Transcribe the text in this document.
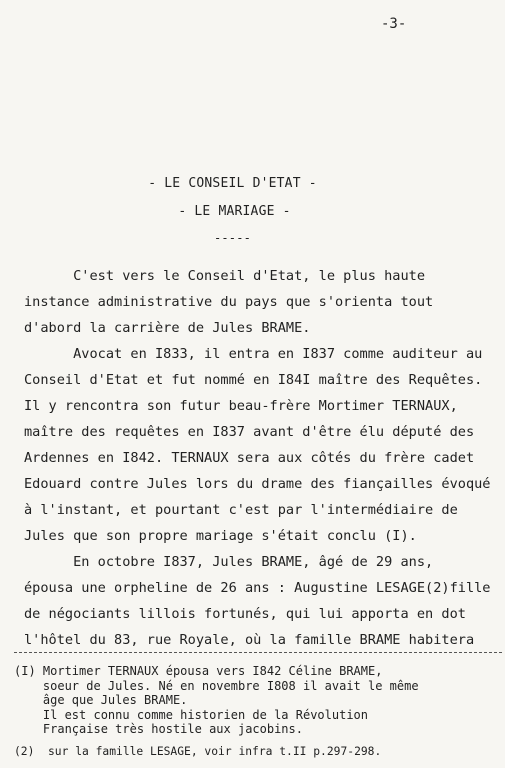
-3-
- LE CONSEIL D'ETAT -
- LE MARIAGE -
-----
C'est vers le Conseil d'Etat, le plus haute
instance administrative du pays que s'orienta tout
d'abord la carrière de Jules BRAME.
Avocat en I833, il entra en I837 comme auditeur au
Conseil d'Etat et fut nommé en I84I maître des Requêtes.
Il y rencontra son futur beau-frère Mortimer TERNAUX,
maître des requêtes en I837 avant d'être élu député des
Ardennes en I842. TERNAUX sera aux côtés du frère cadet
Edouard contre Jules lors du drame des fiançailles évoqué
à l'instant, et pourtant c'est par l'intermédiaire de
Jules que son propre mariage s'était conclu (I).
En octobre I837, Jules BRAME, âgé de 29 ans,
épousa une orpheline de 26 ans : Augustine LESAGE(2)fille
de négociants lillois fortunés, qui lui apporta en dot
l'hôtel du 83, rue Royale, où la famille BRAME habitera
(I) Mortimer TERNAUX épousa vers I842 Céline BRAME,
soeur de Jules. Né en novembre I808 il avait le même
âge que Jules BRAME.
Il est connu comme historien de la Révolution
Française très hostile aux jacobins.
(2)  sur la famille LESAGE, voir infra t.II p.297-298.
